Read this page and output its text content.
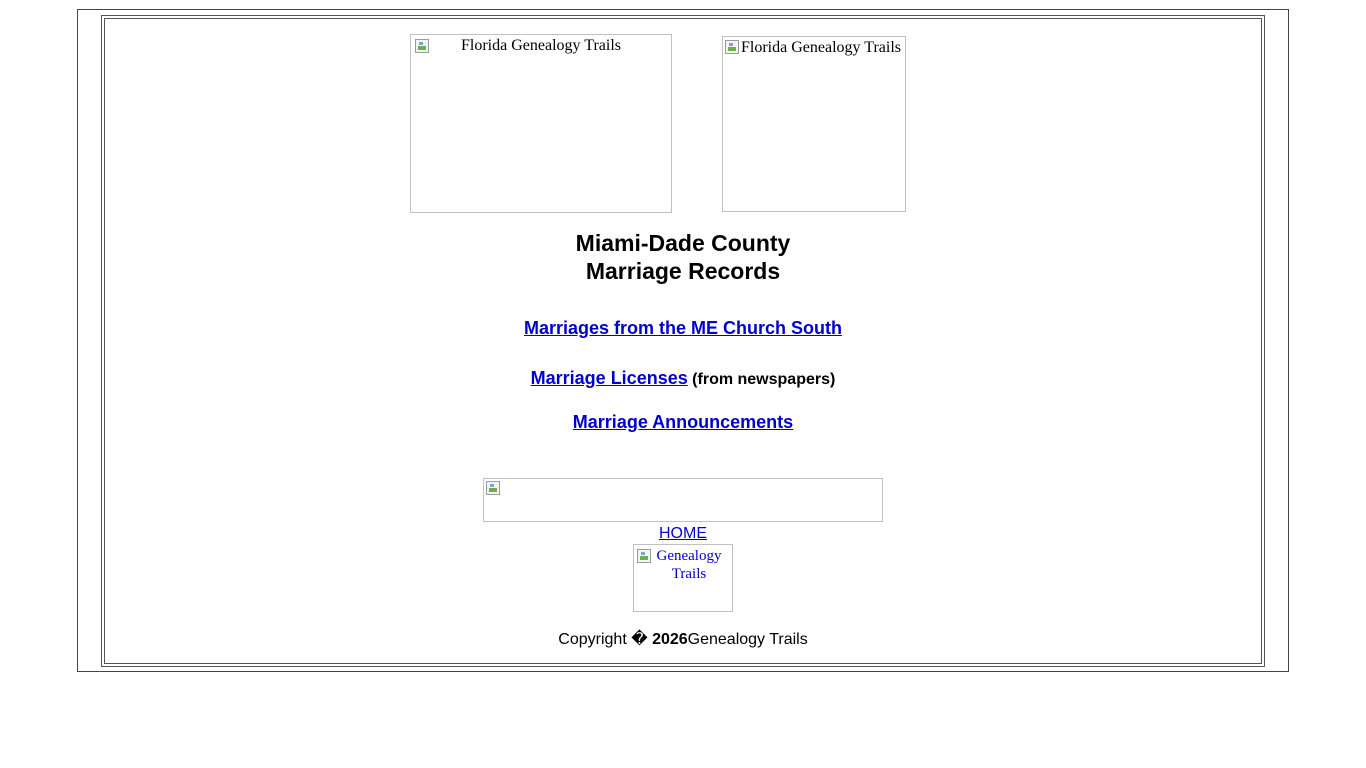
Florida Genealogy Trails	Florida Genealogy Trails
Miami-Dade County
Marriage Records
Marriages from the ME Church South
Marriage Licenses (from newspapers)
Marriage Announcements
HOME
Genealogy Trails
Copyright � 2026Genealogy Trails
